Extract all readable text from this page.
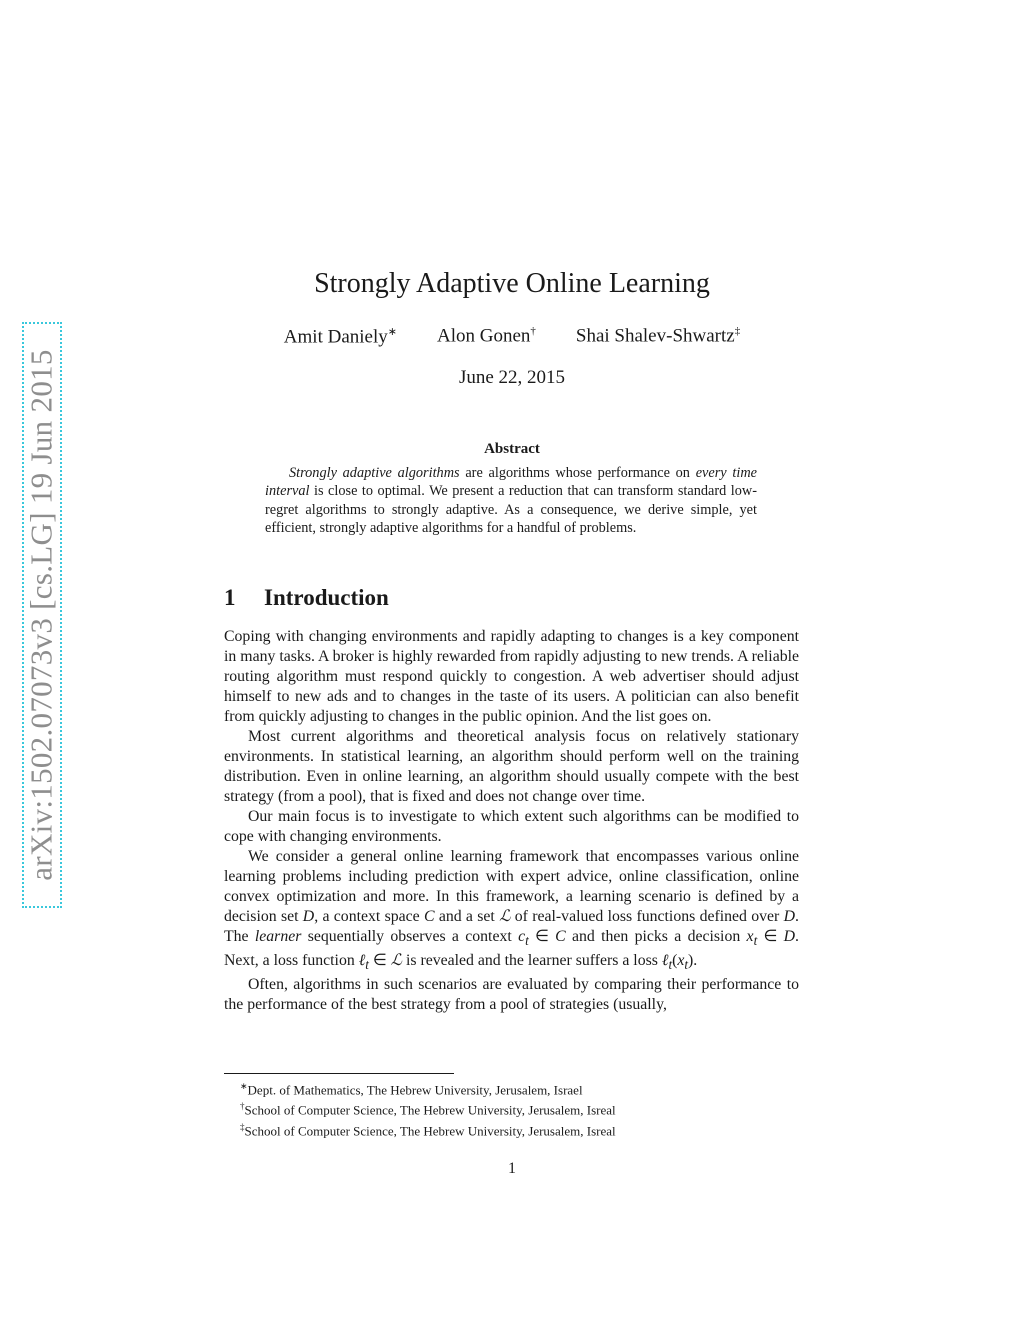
arXiv:1502.07073v3 [cs.LG] 19 Jun 2015
Strongly Adaptive Online Learning
Amit Daniely∗ Alon Gonen† Shai Shalev-Shwartz‡
June 22, 2015
Abstract

Strongly adaptive algorithms are algorithms whose performance on every time interval is close to optimal. We present a reduction that can transform standard low-regret algorithms to strongly adaptive. As a consequence, we derive simple, yet efficient, strongly adaptive algorithms for a handful of problems.

1 Introduction

Coping with changing environments and rapidly adapting to changes is a key component in many tasks. A broker is highly rewarded from rapidly adjusting to new trends. A reliable routing algorithm must respond quickly to congestion. A web advertiser should adjust himself to new ads and to changes in the taste of its users. A politician can also benefit from quickly adjusting to changes in the public opinion. And the list goes on.

Most current algorithms and theoretical analysis focus on relatively stationary environments. In statistical learning, an algorithm should perform well on the training distribution. Even in online learning, an algorithm should usually compete with the best strategy (from a pool), that is fixed and does not change over time.

Our main focus is to investigate to which extent such algorithms can be modified to cope with changing environments.

We consider a general online learning framework that encompasses various online learning problems including prediction with expert advice, online classification, online convex optimization and more. In this framework, a learning scenario is defined by a decision set D, a context space C and a set ℒ of real-valued loss functions defined over D. The learner sequentially observes a context $c_t$ ∈ C and then picks a decision $x_t$ ∈ D. Next, a loss function ℓ$_t$ ∈ ℒ is revealed and the learner suffers a loss $\ell_t(x_t)$.

Often, algorithms in such scenarios are evaluated by comparing their performance to the performance of the best strategy from a pool of strategies (usually,

∗Dept. of Mathematics, The Hebrew University, Jerusalem, Israel
†School of Computer Science, The Hebrew University, Jerusalem, Isreal
‡School of Computer Science, The Hebrew University, Jerusalem, Isreal
1
